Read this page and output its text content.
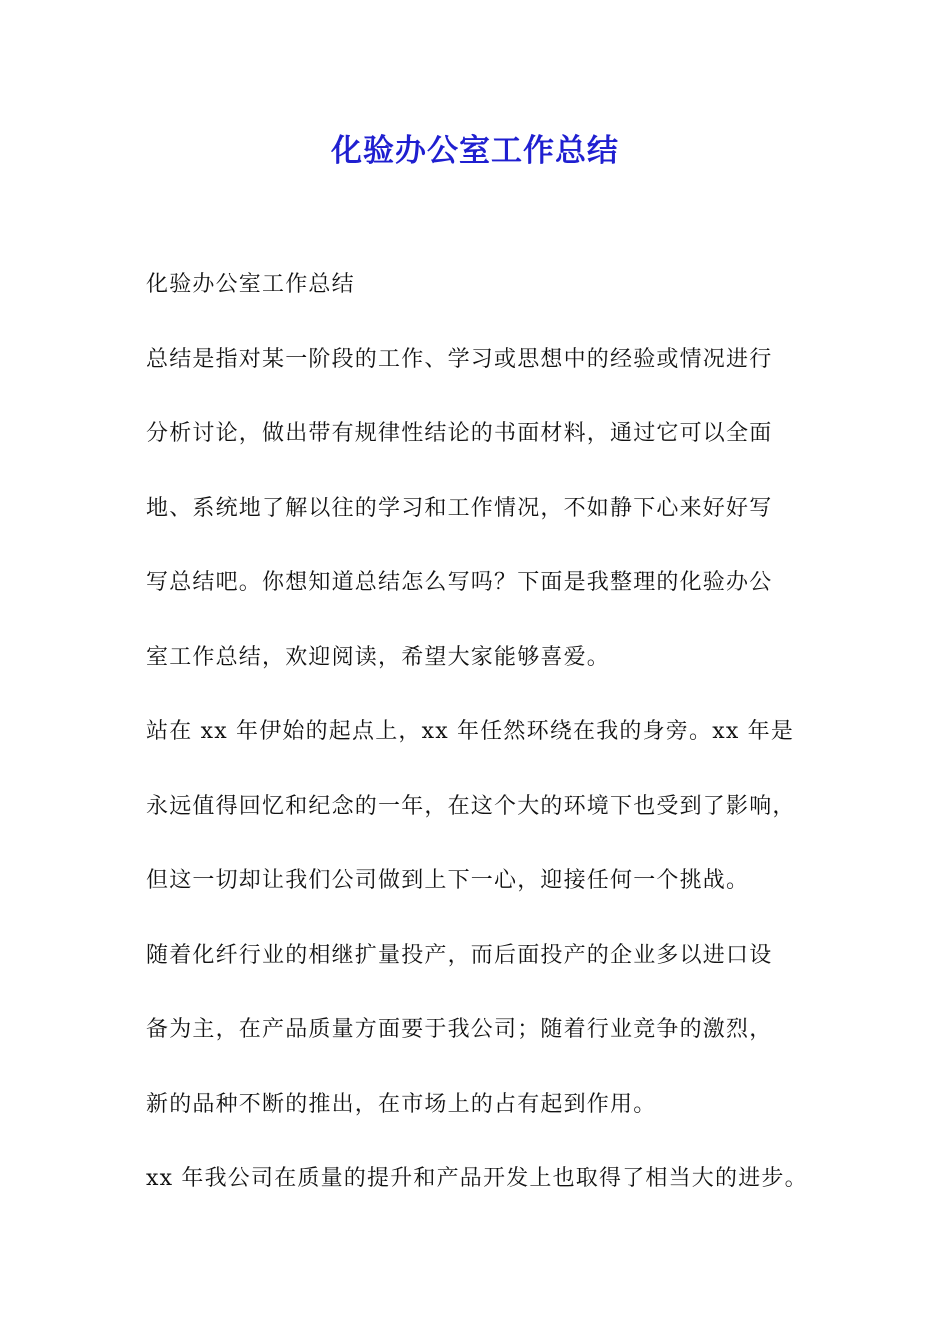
化验办公室工作总结
化验办公室工作总结
总结是指对某一阶段的工作、学习或思想中的经验或情况进行
分析讨论，做出带有规律性结论的书面材料，通过它可以全面
地、系统地了解以往的学习和工作情况，不如静下心来好好写
写总结吧。你想知道总结怎么写吗？下面是我整理的化验办公
室工作总结，欢迎阅读，希望大家能够喜爱。
站在 xx 年伊始的起点上，xx 年任然环绕在我的身旁。xx 年是
永远值得回忆和纪念的一年，在这个大的环境下也受到了影响，
但这一切却让我们公司做到上下一心，迎接任何一个挑战。
随着化纤行业的相继扩量投产，而后面投产的企业多以进口设
备为主，在产品质量方面要于我公司；随着行业竞争的激烈，
新的品种不断的推出，在市场上的占有起到作用。
xx 年我公司在质量的提升和产品开发上也取得了相当大的进步。
